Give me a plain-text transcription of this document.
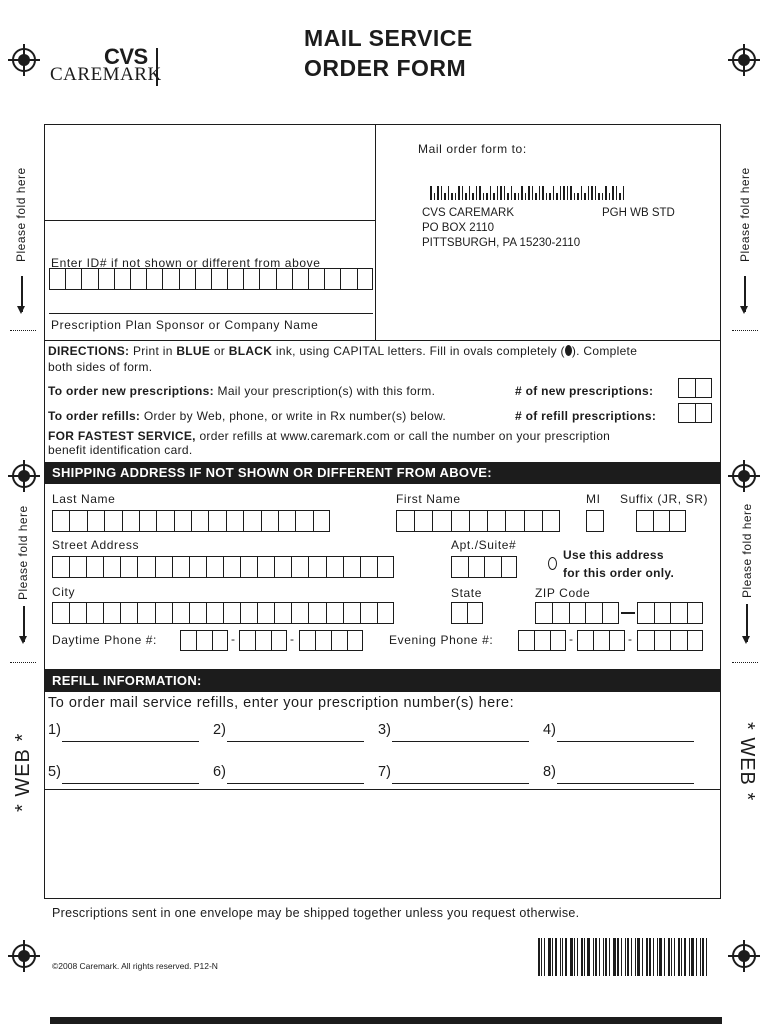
CVS
CAREMARK
MAIL SERVICE
ORDER FORM
Please fold here
Please fold here
* WEB *
Please fold here
Please fold here
* WEB *
Mail order form to:
CVS CAREMARK	PGH WB STD
PO BOX 2110
PITTSBURGH, PA 15230-2110
Enter ID# if not shown or different from above
Prescription Plan Sponsor or Company Name
DIRECTIONS: Print in BLUE or BLACK ink, using CAPITAL letters. Fill in ovals completely ( ). Complete
both sides of form.
To order new prescriptions: Mail your prescription(s) with this form.	# of new prescriptions:
To order refills: Order by Web, phone, or write in Rx number(s) below.	# of refill prescriptions:
FOR FASTEST SERVICE, order refills at www.caremark.com or call the number on your prescription
benefit identification card.
SHIPPING ADDRESS IF NOT SHOWN OR DIFFERENT FROM ABOVE:
Last Name	First Name	MI Suffix (JR, SR)
Street Address	Apt./Suite#
Use this address
for this order only.
City	State	ZIP Code
Daytime Phone #:	-	-	Evening Phone #:	-	-
REFILL INFORMATION:
To order mail service refills, enter your prescription number(s) here:
1)	2)	3)	4)
5)	6)	7)	8)
Prescriptions sent in one envelope may be shipped together unless you request otherwise.
©2008 Caremark. All rights reserved. P12-N
